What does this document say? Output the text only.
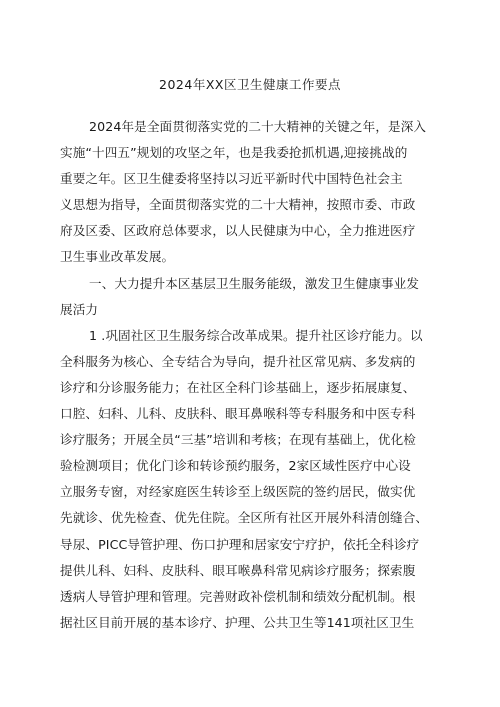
2024年XX区卫生健康工作要点
2024年是全面贯彻落实党的二十大精神的关键之年，是深入
实施“十四五”规划的攻坚之年，也是我委抢抓机遇,迎接挑战的
重要之年。区卫生健委将坚持以习近平新时代中国特色社会主
义思想为指导，全面贯彻落实党的二十大精神，按照市委、市政
府及区委、区政府总体要求，以人民健康为中心，全力推进医疗
卫生事业改革发展。
一、大力提升本区基层卫生服务能级，激发卫生健康事业发
展活力
1 .巩固社区卫生服务综合改革成果。提升社区诊疗能力。以
全科服务为核心、全专结合为导向，提升社区常见病、多发病的
诊疗和分诊服务能力；在社区全科门诊基础上，逐步拓展康复、
口腔、妇科、儿科、皮肤科、眼耳鼻喉科等专科服务和中医专科
诊疗服务；开展全员“三基”培训和考核；在现有基础上，优化检
验检测项目；优化门诊和转诊预约服务，2家区域性医疗中心设
立服务专窗，对经家庭医生转诊至上级医院的签约居民，做实优
先就诊、优先检查、优先住院。全区所有社区开展外科清创缝合、
导尿、PICC导管护理、伤口护理和居家安宁疗护，依托全科诊疗
提供儿科、妇科、皮肤科、眼耳喉鼻科常见病诊疗服务；探索腹
透病人导管护理和管理。完善财政补偿机制和绩效分配机制。根
据社区目前开展的基本诊疗、护理、公共卫生等141项社区卫生
